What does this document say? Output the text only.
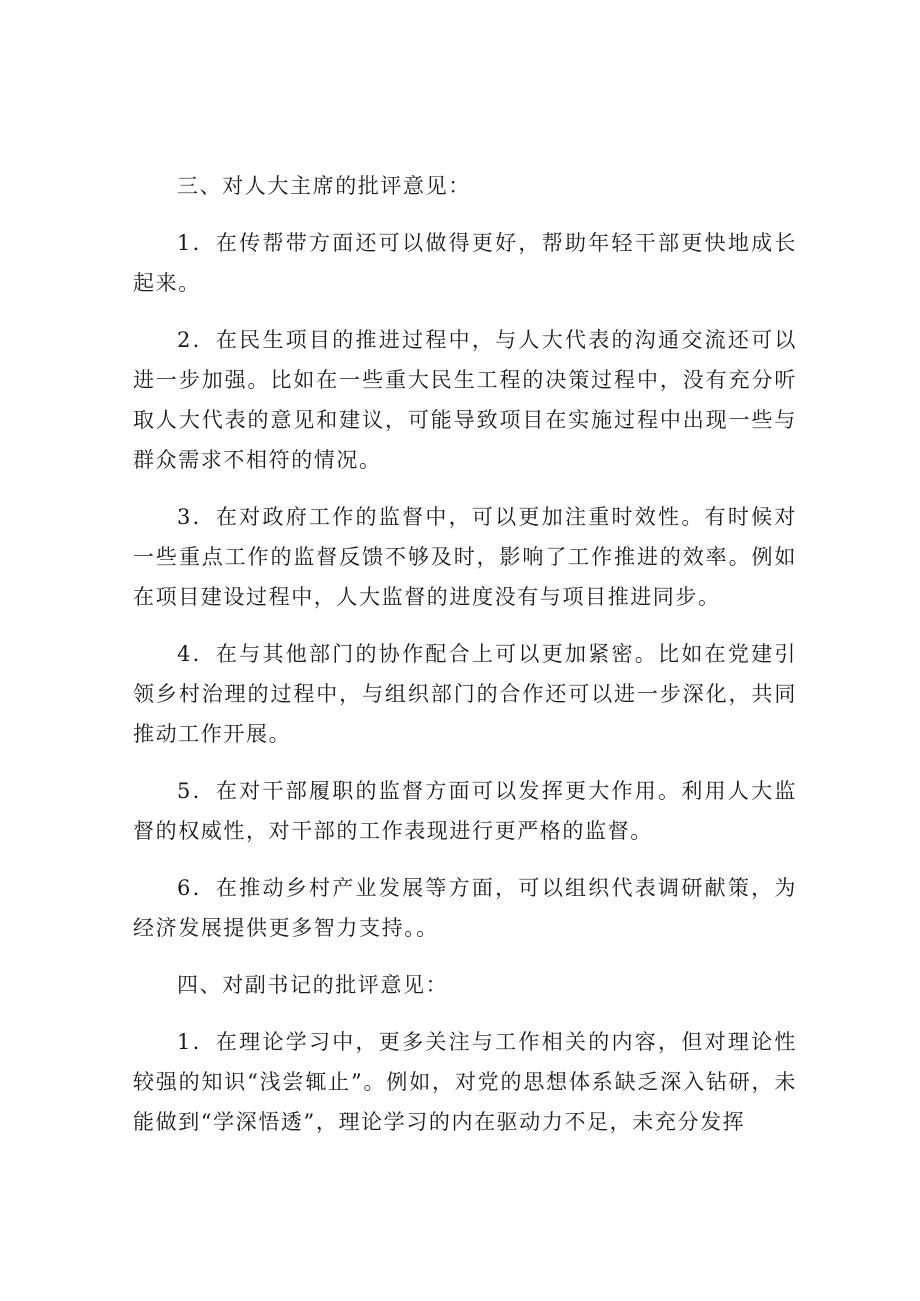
三、对人大主席的批评意见：

1．在传帮带方面还可以做得更好，帮助年轻干部更快地成长起来。

2．在民生项目的推进过程中，与人大代表的沟通交流还可以进一步加强。比如在一些重大民生工程的决策过程中，没有充分听取人大代表的意见和建议，可能导致项目在实施过程中出现一些与群众需求不相符的情况。

3．在对政府工作的监督中，可以更加注重时效性。有时候对一些重点工作的监督反馈不够及时，影响了工作推进的效率。例如在项目建设过程中，人大监督的进度没有与项目推进同步。

4．在与其他部门的协作配合上可以更加紧密。比如在党建引领乡村治理的过程中，与组织部门的合作还可以进一步深化，共同推动工作开展。

5．在对干部履职的监督方面可以发挥更大作用。利用人大监督的权威性，对干部的工作表现进行更严格的监督。

6．在推动乡村产业发展等方面，可以组织代表调研献策，为经济发展提供更多智力支持。。

四、对副书记的批评意见：

1．在理论学习中，更多关注与工作相关的内容，但对理论性较强的知识“浅尝辄止”。例如，对党的思想体系缺乏深入钻研，未能做到“学深悟透”，理论学习的内在驱动力不足，未充分发挥
